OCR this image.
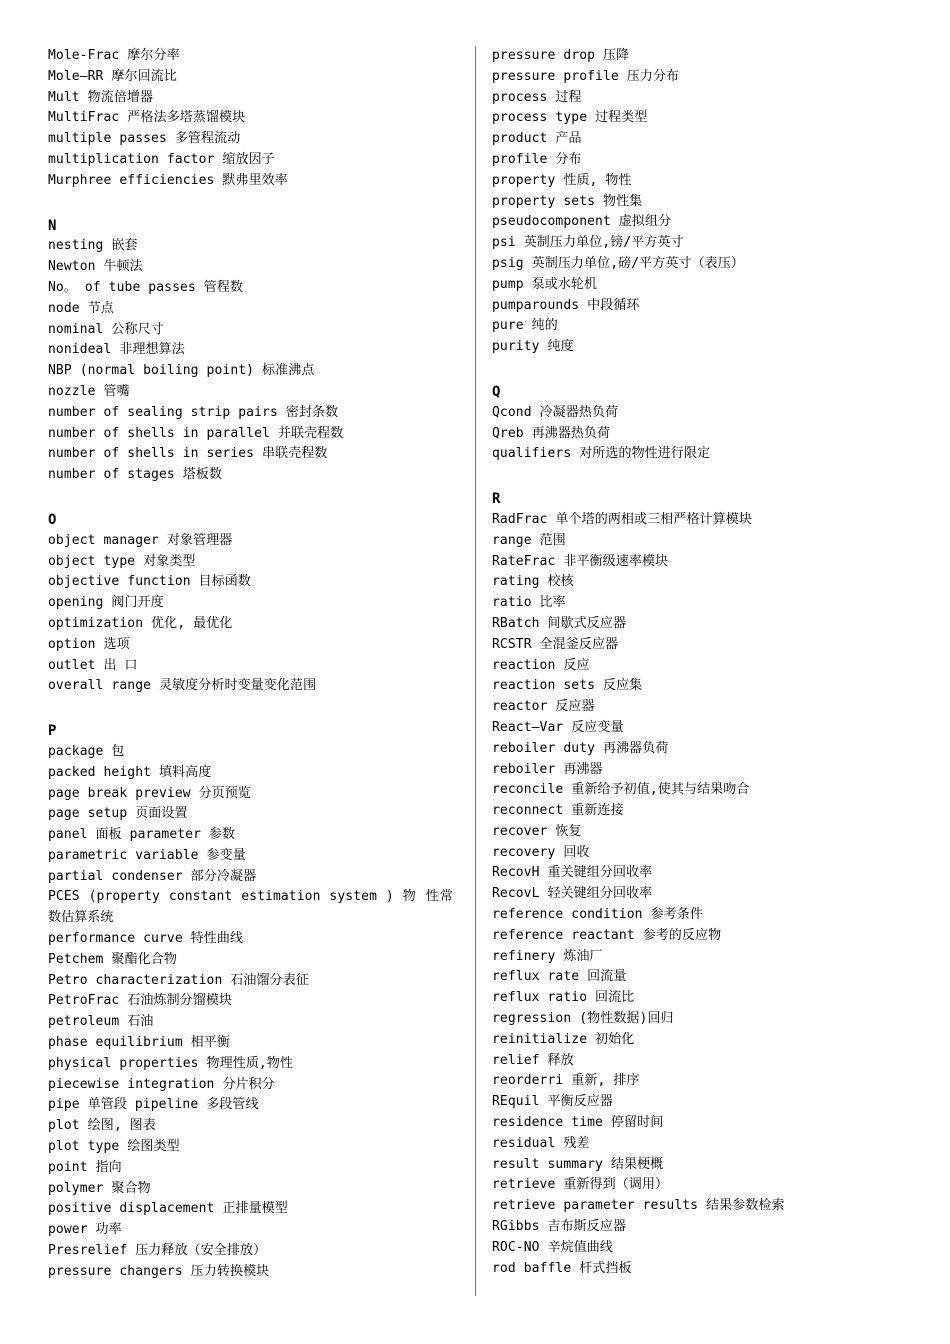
Mole-Frac 摩尔分率
Mole—RR 摩尔回流比
Mult 物流倍增器
MultiFrac 严格法多塔蒸馏模块
multiple passes 多管程流动
multiplication factor 缩放因子
Murphree efficiencies 默弗里效率
N
nesting 嵌套
Newton 牛顿法
No。 of tube passes 管程数
node 节点
nominal 公称尺寸
nonideal 非理想算法
NBP (normal boiling point) 标准沸点
nozzle 管嘴
number of sealing strip pairs 密封条数
number of shells in parallel 并联壳程数
number of shells in series 串联壳程数
number of stages 塔板数
O
object manager 对象管理器
object type 对象类型
objective function 目标函数
opening 阀门开度
optimization 优化, 最优化
option 选项
outlet 出 口
overall range 灵敏度分析时变量变化范围
P
package 包
packed height 填料高度
page break preview 分页预览
page setup 页面设置
panel 面板 parameter 参数
parametric variable 参变量
partial condenser 部分冷凝器
PCES (property constant estimation system ) 物 性常数估算系统
performance curve 特性曲线
Petchem 聚酯化合物
Petro characterization 石油馏分表征
PetroFrac 石油炼制分馏模块
petroleum 石油
phase equilibrium 相平衡
physical properties 物理性质,物性
piecewise integration 分片积分
pipe 单管段 pipeline 多段管线
plot 绘图, 图表
plot type 绘图类型
point 指向
polymer 聚合物
positive displacement 正排量模型
power 功率
Presrelief 压力释放（安全排放）
pressure changers 压力转换模块
pressure drop 压降
pressure profile 压力分布
process 过程
process type 过程类型
product 产品
profile 分布
property 性质, 物性
property sets 物性集
pseudocomponent 虚拟组分
psi 英制压力单位,镑/平方英寸
psig 英制压力单位,磅/平方英寸（表压）
pump 泵或水轮机
pumparounds 中段循环
pure 纯的
purity 纯度
Q
Qcond 冷凝器热负荷
Qreb 再沸器热负荷
qualifiers 对所选的物性进行限定
R
RadFrac 单个塔的两相或三相严格计算模块
range 范围
RateFrac 非平衡级速率模块
rating 校核
ratio 比率
RBatch 间歇式反应器
RCSTR 全混釜反应器
reaction 反应
reaction sets 反应集
reactor 反应器
React—Var 反应变量
reboiler duty 再沸器负荷
reboiler 再沸器
reconcile 重新给予初值,使其与结果吻合
reconnect 重新连接
recover 恢复
recovery 回收
RecovH 重关键组分回收率
RecovL 轻关键组分回收率
reference condition 参考条件
reference reactant 参考的反应物
refinery 炼油厂
reflux rate 回流量
reflux ratio 回流比
regression (物性数据)回归
reinitialize 初始化
relief 释放
reorderri 重新, 排序
REquil 平衡反应器
residence time 停留时间
residual 残差
result summary 结果梗概
retrieve 重新得到（调用）
retrieve parameter results 结果参数检索
RGibbs 吉布斯反应器
ROC-NO 辛烷值曲线
rod baffle 杆式挡板
